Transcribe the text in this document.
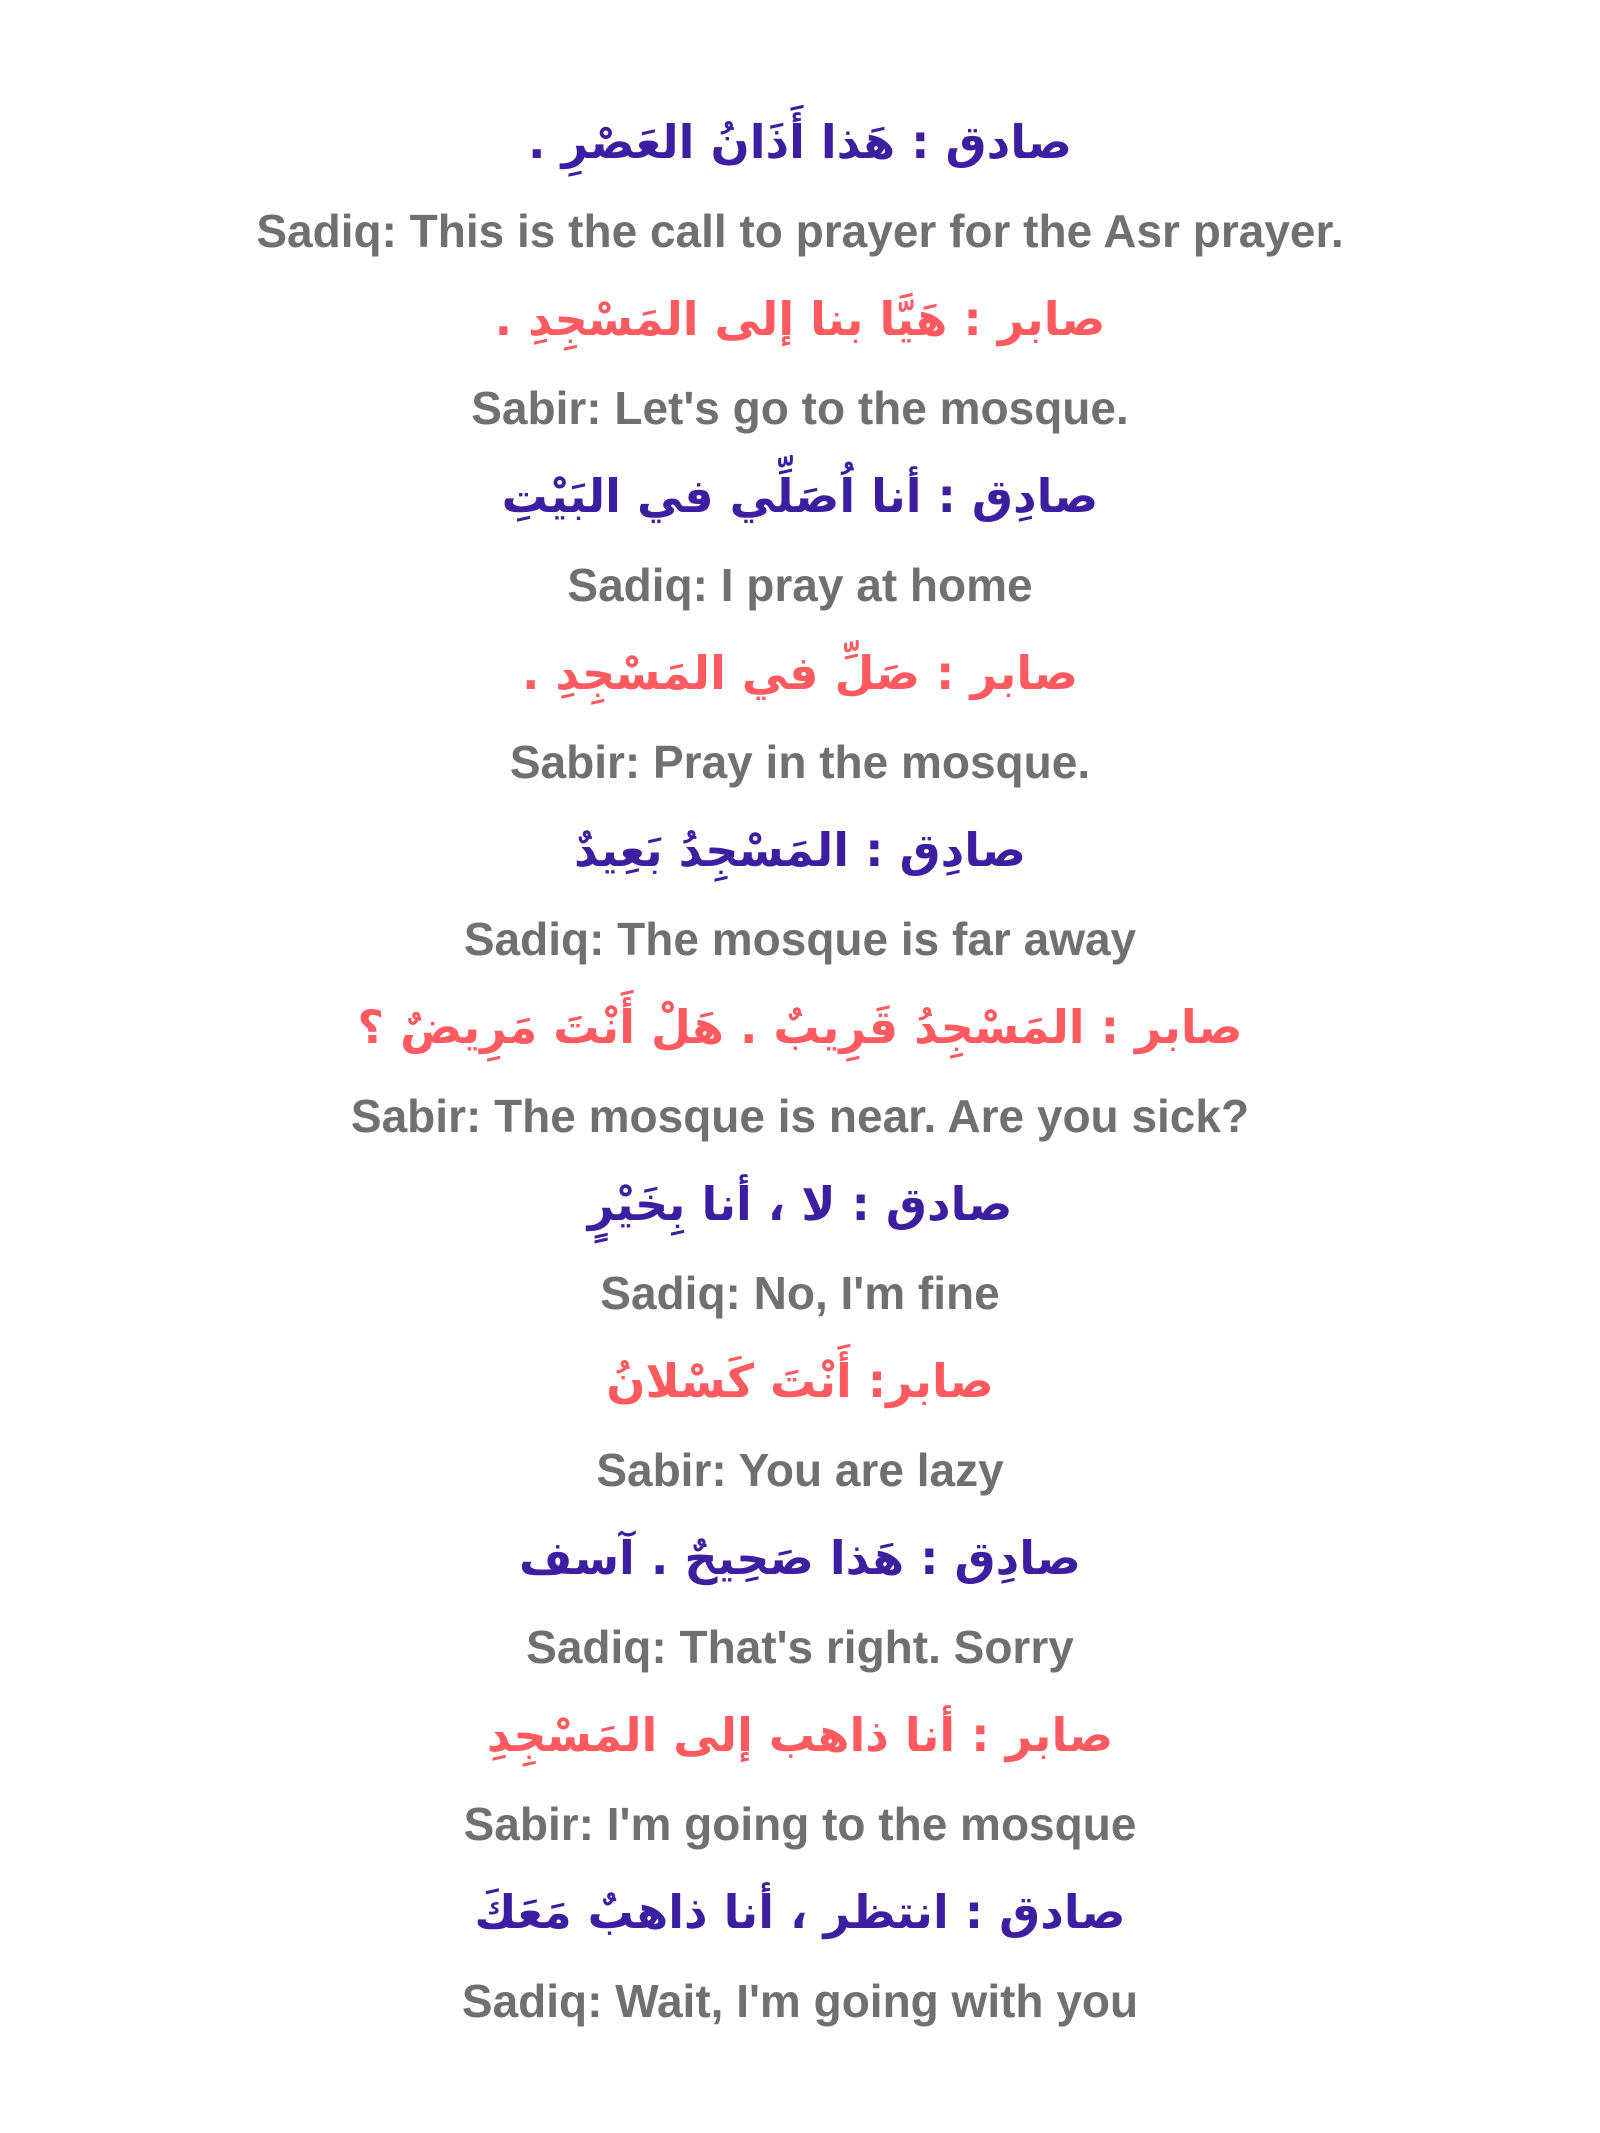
صادق : هَذا أَذَانُ العَصْرِ .
Sadiq: This is the call to prayer for the Asr prayer.
صابر : هَيَّا بنا إلى المَسْجِدِ .
Sabir: Let's go to the mosque.
صادِق : أنا اُصَلِّي في البَيْتِ
Sadiq: I pray at home
صابر : صَلِّ في المَسْجِدِ .
Sabir: Pray in the mosque.
صادِق : المَسْجِدُ بَعِيدٌ
Sadiq: The mosque is far away
صابر : المَسْجِدُ قَرِيبٌ . هَلْ أَنْتَ مَرِيضٌ ؟
Sabir: The mosque is near. Are you sick?
صادق : لا ، أنا بِخَيْرٍ
Sadiq: No, I'm fine
صابر: أَنْتَ كَسْلانُ
Sabir: You are lazy
صادِق : هَذا صَحِيحٌ . آسف
Sadiq: That's right. Sorry
صابر : أنا ذاهب إلى المَسْجِدِ
Sabir: I'm going to the mosque
صادق : انتظر ، أنا ذاهبٌ مَعَكَ
Sadiq: Wait, I'm going with you
